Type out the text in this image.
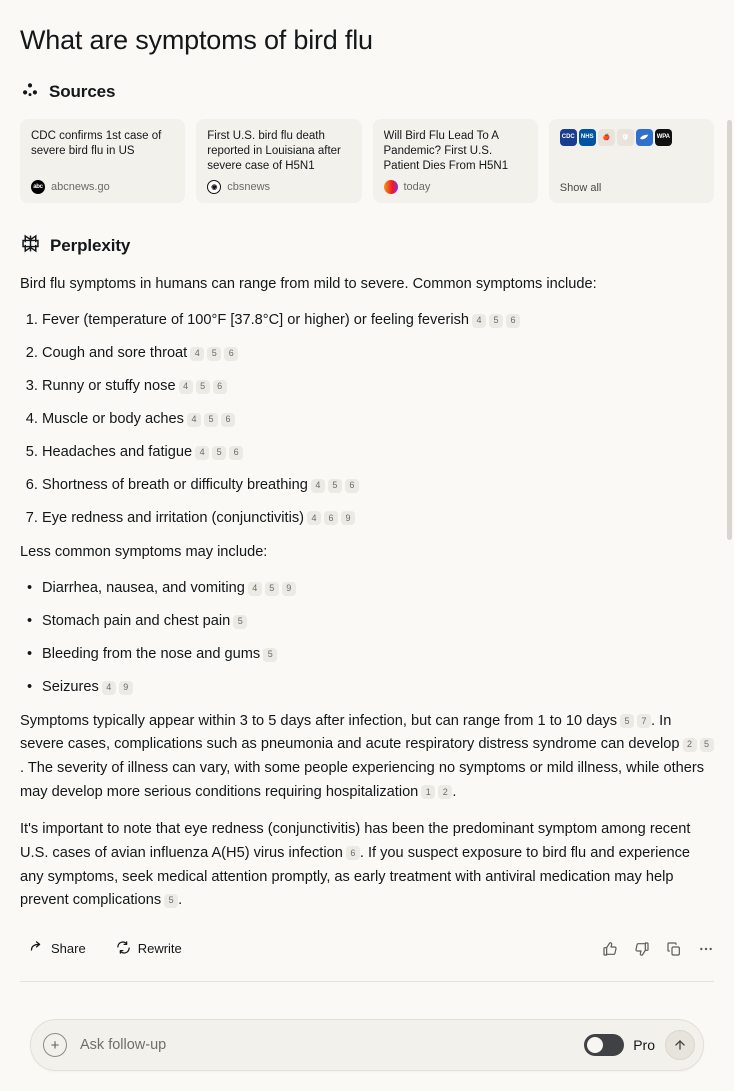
What are symptoms of bird flu
Sources
CDC confirms 1st case of severe bird flu in US
abc abcnews.go
First U.S. bird flu death reported in Louisiana after severe case of H5N1
◉ cbsnews
Will Bird Flu Lead To A Pandemic? First U.S. Patient Dies From H5N1
today
CDC	NHS	🍎	🛡	WPA
Show all
Perplexity

Bird flu symptoms in humans can range from mild to severe. Common symptoms include:

1. Fever (temperature of 100°F [37.8°C] or higher) or feeling feverish 4 5 6
2. Cough and sore throat 4 5 6
3. Runny or stuffy nose 4 5 6
4. Muscle or body aches 4 5 6
5. Headaches and fatigue 4 5 6
6. Shortness of breath or difficulty breathing 4 5 6
7. Eye redness and irritation (conjunctivitis) 4 6 9

Less common symptoms may include:

• Diarrhea, nausea, and vomiting 4 5 9
• Stomach pain and chest pain 5
• Bleeding from the nose and gums 5
• Seizures 4 9

Symptoms typically appear within 3 to 5 days after infection, but can range from 1 to 10 days 5 7 . In severe cases, complications such as pneumonia and acute respiratory distress syndrome can develop 2 5. The severity of illness can vary, with some people experiencing no symptoms or mild illness, while others may develop more serious conditions requiring hospitalization 1 2 .

It's important to note that eye redness (conjunctivitis) has been the predominant symptom among recent U.S. cases of avian influenza A(H5) virus infection 6 . If you suspect exposure to bird flu and experience any symptoms, seek medical attention promptly, as early treatment with antiviral medication may help prevent complications 5 .

Share	Rewrite

+
Ask follow-up	Pro
